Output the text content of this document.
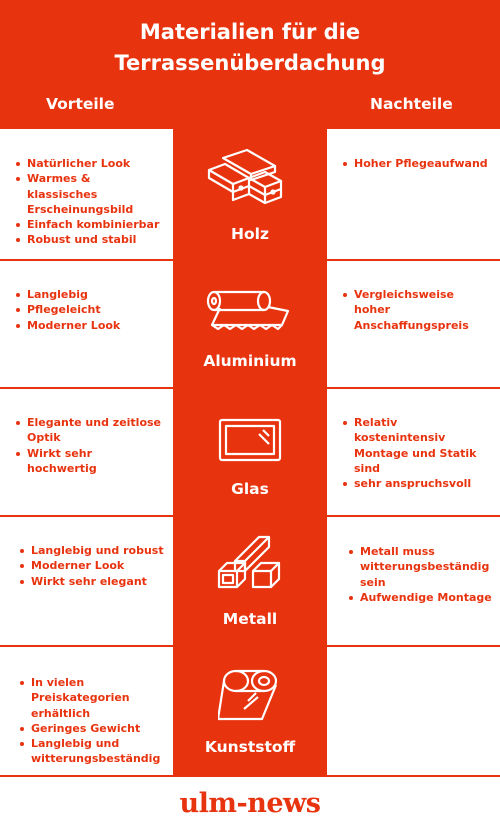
Materialien für die
Terrassenüberdachung
Vorteile	Nachteile
Natürlicher Look
Warmes & klassisches Erscheinungsbild
Einfach kombinierbar
Robust und stabil	Holz
Hoher Pflegeaufwand
Langlebig
Pflegeleicht
Moderner Look
Aluminium
Vergleichsweise hoher Anschaffungspreis
Elegante und zeitlose Optik
Wirkt sehr hochwertig
Glas
Relativ kostenintensiv Montage und Statik sind
sehr anspruchsvoll
Langlebig und robust
Moderner Look
Wirkt sehr elegant
Metall
Metall muss witterungsbeständig sein
Aufwendige Montage
In vielen Preiskategorien erhältlich
Geringes Gewicht
Langlebig und witterungsbeständig
Kunststoff
ulm-news
